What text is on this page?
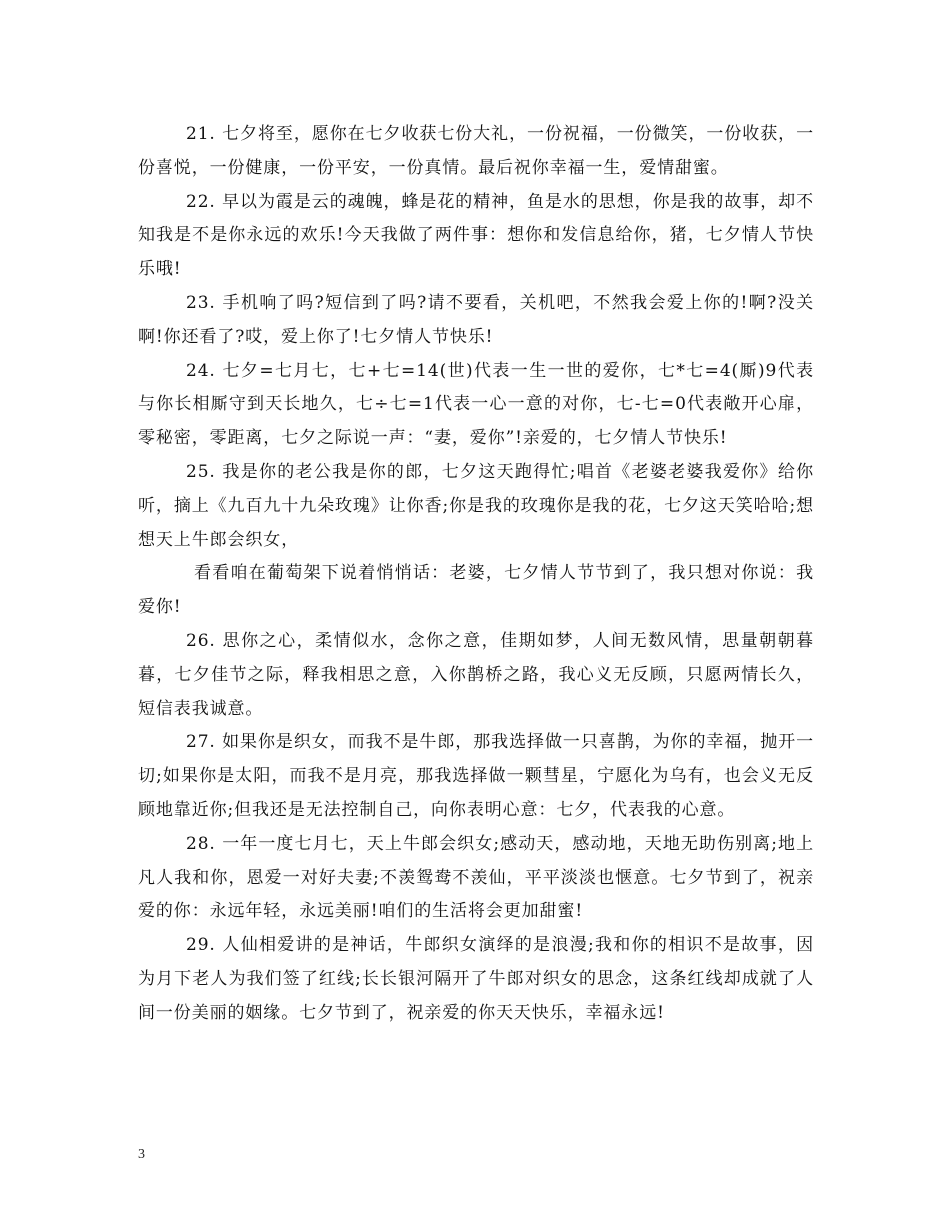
21. 七夕将至，愿你在七夕收获七份大礼，一份祝福，一份微笑，一份收获，一份喜悦，一份健康，一份平安，一份真情。最后祝你幸福一生，爱情甜蜜。

22. 早以为霞是云的魂魄，蜂是花的精神，鱼是水的思想，你是我的故事，却不知我是不是你永远的欢乐!今天我做了两件事：想你和发信息给你，猪，七夕情人节快乐哦!

23. 手机响了吗?短信到了吗?请不要看，关机吧，不然我会爱上你的!啊?没关啊!你还看了?哎，爱上你了!七夕情人节快乐!

24. 七夕=七月七，七+七=14(世)代表一生一世的爱你，七*七=4(厮)9代表与你长相厮守到天长地久，七÷七=1代表一心一意的对你，七-七=0代表敞开心扉，零秘密，零距离，七夕之际说一声：“妻，爱你”!亲爱的，七夕情人节快乐!

25. 我是你的老公我是你的郎，七夕这天跑得忙;唱首《老婆老婆我爱你》给你听，摘上《九百九十九朵玫瑰》让你香;你是我的玫瑰你是我的花，七夕这天笑哈哈;想想天上牛郎会织女，

看看咱在葡萄架下说着悄悄话：老婆，七夕情人节节到了，我只想对你说：我爱你!

26. 思你之心，柔情似水，念你之意，佳期如梦，人间无数风情，思量朝朝暮暮，七夕佳节之际，释我相思之意，入你鹊桥之路，我心义无反顾，只愿两情长久，短信表我诚意。

27. 如果你是织女，而我不是牛郎，那我选择做一只喜鹊，为你的幸福，抛开一切;如果你是太阳，而我不是月亮，那我选择做一颗彗星，宁愿化为乌有，也会义无反顾地靠近你;但我还是无法控制自己，向你表明心意：七夕，代表我的心意。

28. 一年一度七月七，天上牛郎会织女;感动天，感动地，天地无助伤别离;地上凡人我和你，恩爱一对好夫妻;不羡鸳鸯不羡仙，平平淡淡也惬意。七夕节到了，祝亲爱的你：永远年轻，永远美丽!咱们的生活将会更加甜蜜!

29. 人仙相爱讲的是神话，牛郎织女演绎的是浪漫;我和你的相识不是故事，因为月下老人为我们签了红线;长长银河隔开了牛郎对织女的思念，这条红线却成就了人间一份美丽的姻缘。七夕节到了，祝亲爱的你天天快乐，幸福永远!

3
